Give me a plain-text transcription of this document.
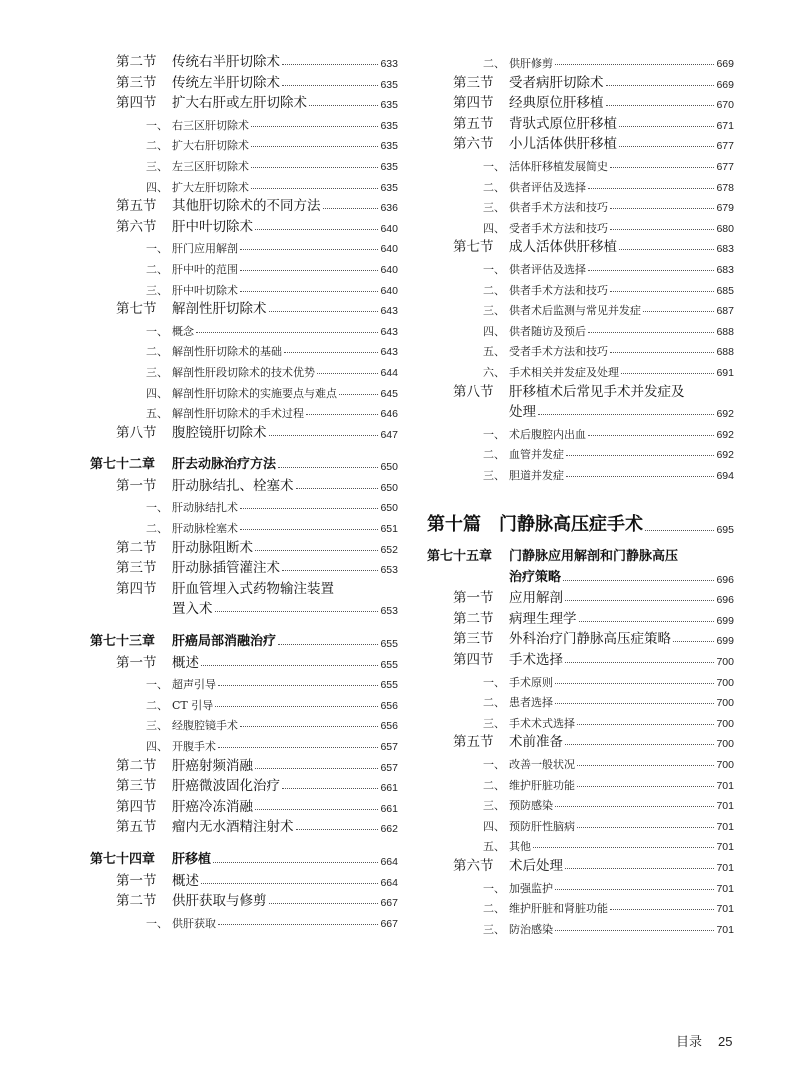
第二节 传统右半肝切除术	633
第三节 传统左半肝切除术	635
第四节 扩大右肝或左肝切除术	635
一、 右三区肝切除术	635
二、 扩大右肝切除术	635
三、 左三区肝切除术	635
四、 扩大左肝切除术	635
第五节 其他肝切除术的不同方法	636
第六节 肝中叶切除术	640
一、 肝门应用解剖	640
二、 肝中叶的范围	640
三、 肝中叶切除术	640
第七节 解剖性肝切除术	643
一、 概念	643
二、 解剖性肝切除术的基础	643
三、 解剖性肝段切除术的技术优势	644
四、 解剖性肝切除术的实施要点与难点	645
五、 解剖性肝切除术的手术过程	646
第八节 腹腔镜肝切除术	647
第七十二章 肝去动脉治疗方法	650
第一节 肝动脉结扎、栓塞术	650
一、 肝动脉结扎术	650
二、 肝动脉栓塞术	651
第二节 肝动脉阻断术	652
第三节 肝动脉插管灌注术	653
第四节 肝血管埋入式药物输注装置
置入术	653
第七十三章 肝癌局部消融治疗	655
第一节 概述	655
一、 超声引导	655
二、 CT 引导	656
三、 经腹腔镜手术	656
四、 开腹手术	657
第二节 肝癌射频消融	657
第三节 肝癌微波固化治疗	661
第四节 肝癌冷冻消融	661
第五节 瘤内无水酒精注射术	662
第七十四章 肝移植	664
第一节 概述	664
第二节 供肝获取与修剪	667
一、 供肝获取	667
二、 供肝修剪	669
第三节 受者病肝切除术	669
第四节 经典原位肝移植	670
第五节 背驮式原位肝移植	671
第六节 小儿活体供肝移植	677
一、 活体肝移植发展简史	677
二、 供者评估及选择	678
三、 供者手术方法和技巧	679
四、 受者手术方法和技巧	680
第七节 成人活体供肝移植	683
一、 供者评估及选择	683
二、 供者手术方法和技巧	685
三、 供者术后监测与常见并发症	687
四、 供者随访及预后	688
五、 受者手术方法和技巧	688
六、 手术相关并发症及处理	691
第八节 肝移植术后常见手术并发症及
处理	692
一、 术后腹腔内出血	692
二、 血管并发症	692
三、 胆道并发症	694
第十篇 门静脉高压症手术	695
第七十五章 门静脉应用解剖和门静脉高压
治疗策略	696
第一节 应用解剖	696
第二节 病理生理学	699
第三节 外科治疗门静脉高压症策略	699
第四节 手术选择	700
一、 手术原则	700
二、 患者选择	700
三、 手术术式选择	700
第五节 术前准备	700
一、 改善一般状况	700
二、 维护肝脏功能	701
三、 预防感染	701
四、 预防肝性脑病	701
五、 其他	701
第六节 术后处理	701
一、 加强监护	701
二、 维护肝脏和肾脏功能	701
三、 防治感染	701
目录 25
